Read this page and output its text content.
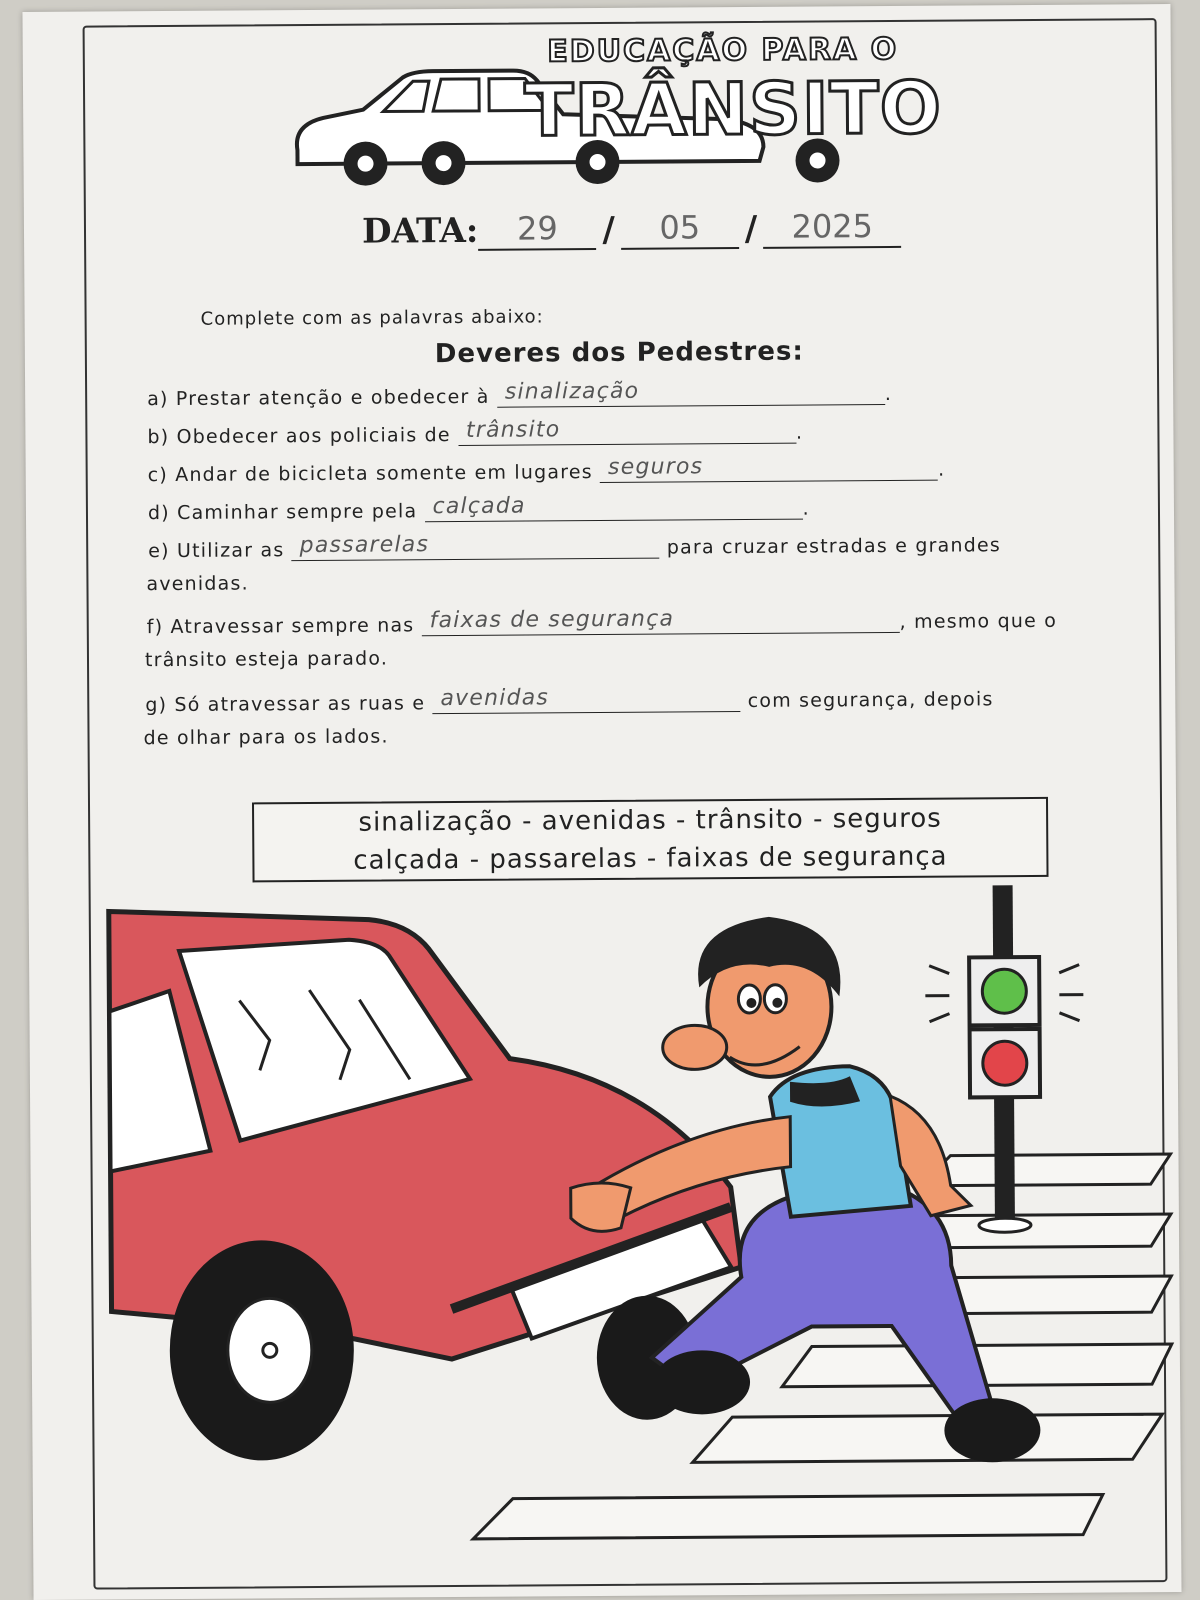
EDUCAÇÃO PARA O
TRÂNSITO
DATA:	29	/	05	/	2025
Complete com as palavras abaixo:
Deveres dos Pedestres:
a) Prestar atenção e obedecer à sinalização	.
b) Obedecer aos policiais de trânsito	.
c) Andar de bicicleta somente em lugares seguros	.
d) Caminhar sempre pela calçada	.
e) Utilizar as passarelas	para cruzar estradas e grandes
avenidas.
f) Atravessar sempre nas faixas de segurança	, mesmo que o
trânsito esteja parado.
g) Só atravessar as ruas e avenidas	com segurança, depois
de olhar para os lados.
sinalização - avenidas - trânsito - seguros
calçada - passarelas - faixas de segurança
